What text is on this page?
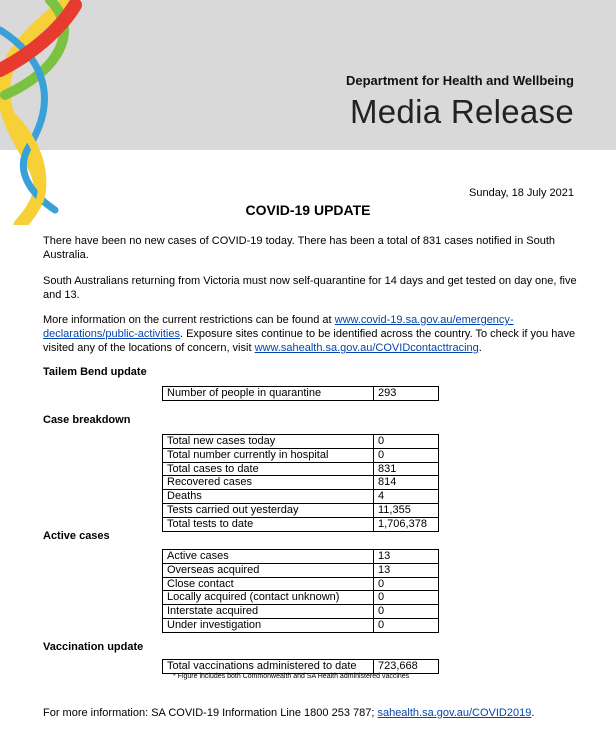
Department for Health and Wellbeing
Media Release
Sunday, 18 July 2021
COVID-19 UPDATE
There have been no new cases of COVID-19 today. There has been a total of 831 cases notified in South Australia.
South Australians returning from Victoria must now self-quarantine for 14 days and get tested on day one, five and 13.
More information on the current restrictions can be found at www.covid-19.sa.gov.au/emergency-declarations/public-activities. Exposure sites continue to be identified across the country. To check if you have visited any of the locations of concern, visit www.sahealth.sa.gov.au/COVIDcontacttracing.
Tailem Bend update
Number of people in quarantine	293
Case breakdown
Total new cases today	0
Total number currently in hospital	0
Total cases to date	831
Recovered cases	814
Deaths	4
Tests carried out yesterday	11,355
Total tests to date	1,706,378
Active cases
Active cases	13
Overseas acquired	13
Close contact	0
Locally acquired (contact unknown)	0
Interstate acquired	0
Under investigation	0
Vaccination update
Total vaccinations administered to date	723,668
* Figure includes both Commonwealth and SA Health administered vaccines
For more information: SA COVID-19 Information Line 1800 253 787; sahealth.sa.gov.au/COVID2019.
